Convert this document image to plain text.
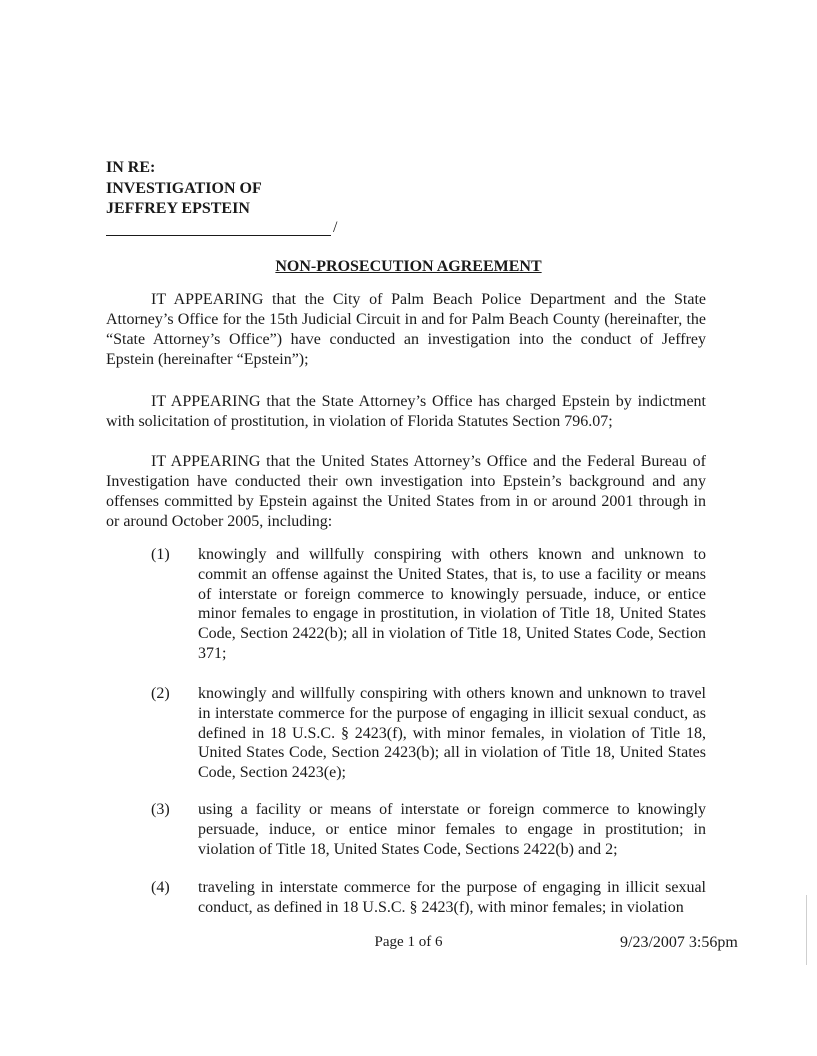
IN RE:
INVESTIGATION OF
JEFFREY EPSTEIN
/
NON-PROSECUTION AGREEMENT

IT APPEARING that the City of Palm Beach Police Department and the State Attorney’s Office for the 15th Judicial Circuit in and for Palm Beach County (hereinafter, the “State Attorney’s Office”) have conducted an investigation into the conduct of Jeffrey Epstein (hereinafter “Epstein”);

IT APPEARING that the State Attorney’s Office has charged Epstein by indictment with solicitation of prostitution, in violation of Florida Statutes Section 796.07;

IT APPEARING that the United States Attorney’s Office and the Federal Bureau of Investigation have conducted their own investigation into Epstein’s background and any offenses committed by Epstein against the United States from in or around 2001 through in or around October 2005, including:

(1) knowingly and willfully conspiring with others known and unknown to commit an offense against the United States, that is, to use a facility or means of interstate or foreign commerce to knowingly persuade, induce, or entice minor females to engage in prostitution, in violation of Title 18, United States Code, Section 2422(b); all in violation of Title 18, United States Code, Section 371;
(2) knowingly and willfully conspiring with others known and unknown to travel in interstate commerce for the purpose of engaging in illicit sexual conduct, as defined in 18 U.S.C. § 2423(f), with minor females, in violation of Title 18, United States Code, Section 2423(b); all in violation of Title 18, United States Code, Section 2423(e);
(3) using a facility or means of interstate or foreign commerce to knowingly persuade, induce, or entice minor females to engage in prostitution; in violation of Title 18, United States Code, Sections 2422(b) and 2;
(4) traveling in interstate commerce for the purpose of engaging in illicit sexual conduct, as defined in 18 U.S.C. § 2423(f), with minor females; in violation
Page 1 of 6	9/23/2007 3:56pm
